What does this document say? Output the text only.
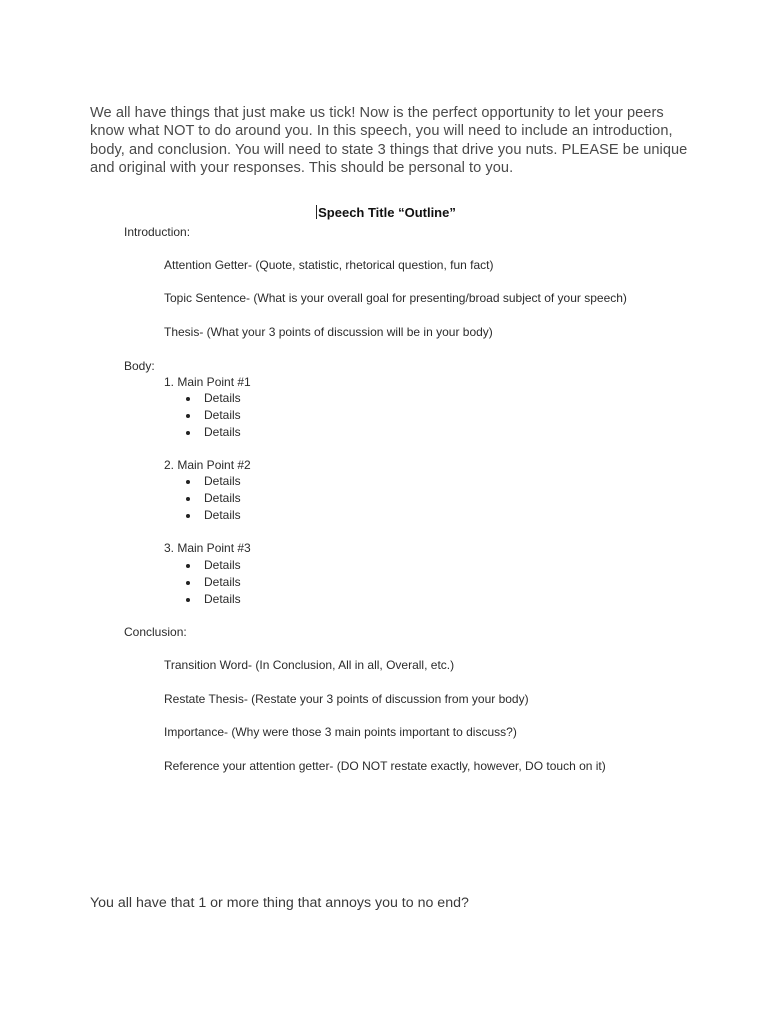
We all have things that just make us tick! Now is the perfect opportunity to let your peers know what NOT to do around you. In this speech, you will need to include an introduction, body, and conclusion. You will need to state 3 things that drive you nuts. PLEASE be unique and original with your responses. This should be personal to you.

Speech Title “Outline”

Introduction:

Attention Getter- (Quote, statistic, rhetorical question, fun fact)

Topic Sentence- (What is your overall goal for presenting/broad subject of your speech)

Thesis- (What your 3 points of discussion will be in your body)

Body:

1. Main Point #1

Details
Details
Details

2. Main Point #2

Details
Details
Details

3. Main Point #3

Details
Details
Details

Conclusion:

Transition Word- (In Conclusion, All in all, Overall, etc.)

Restate Thesis- (Restate your 3 points of discussion from your body)

Importance- (Why were those 3 main points important to discuss?)

Reference your attention getter- (DO NOT restate exactly, however, DO touch on it)

You all have that 1 or more thing that annoys you to no end?
